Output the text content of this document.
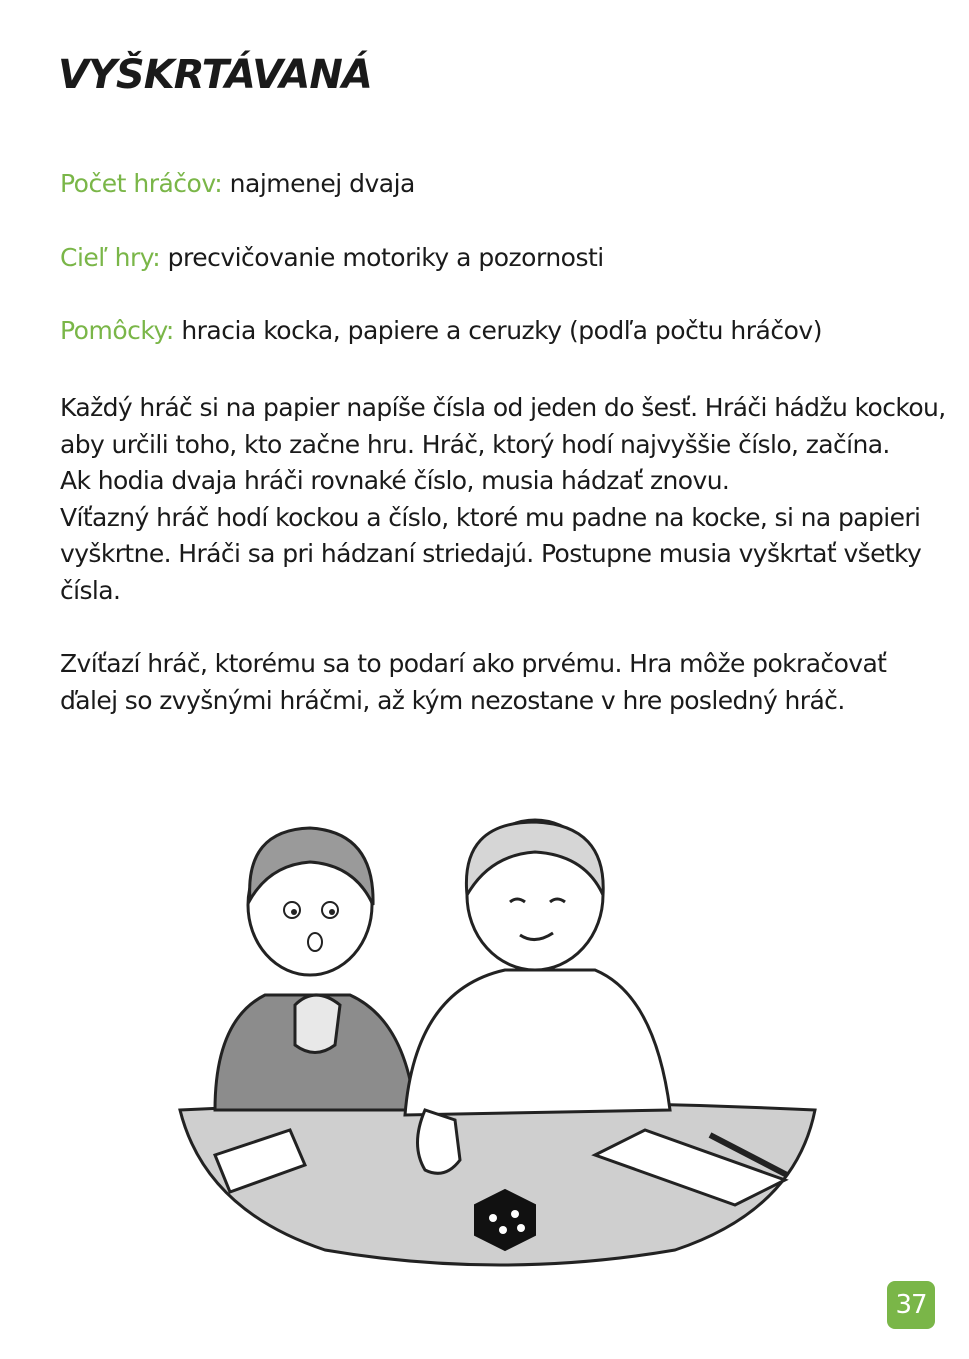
VYŠKRTÁVANÁ

Počet hráčov: najmenej dvaja

Cieľ hry: precvičovanie motoriky a pozornosti

Pomôcky: hracia kocka, papiere a ceruzky (podľa počtu hráčov)

Každý hráč si na papier napíše čísla od jeden do šesť. Hráči hádžu kockou,
aby určili toho, kto začne hru. Hráč, ktorý hodí najvyššie číslo, začína.
Ak hodia dvaja hráči rovnaké číslo, musia hádzať znovu.
Víťazný hráč hodí kockou a číslo, ktoré mu padne na kocke, si na papieri
vyškrtne. Hráči sa pri hádzaní striedajú. Postupne musia vyškrtať všetky
čísla.
Zvíťazí hráč, ktorému sa to podarí ako prvému. Hra môže pokračovať
ďalej so zvyšnými hráčmi, až kým nezostane v hre posledný hráč.
37
